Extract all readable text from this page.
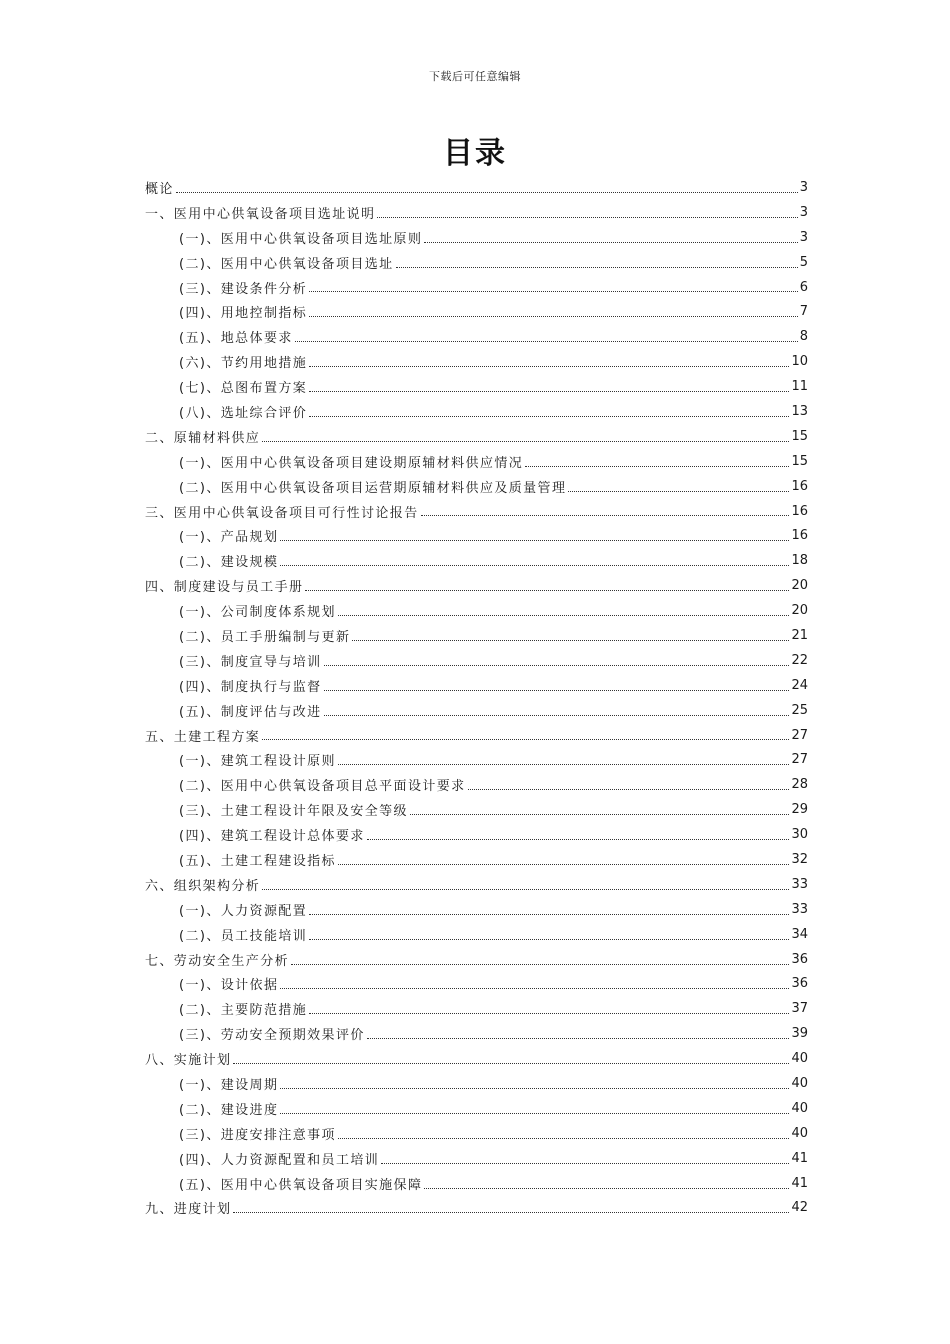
下载后可任意编辑
目录
概论	3
一、医用中心供氧设备项目选址说明	3
(一)、医用中心供氧设备项目选址原则	3
(二)、医用中心供氧设备项目选址	5
(三)、建设条件分析	6
(四)、用地控制指标	7
(五)、地总体要求	8
(六)、节约用地措施	10
(七)、总图布置方案	11
(八)、选址综合评价	13
二、原辅材料供应	15
(一)、医用中心供氧设备项目建设期原辅材料供应情况	15
(二)、医用中心供氧设备项目运营期原辅材料供应及质量管理	16
三、医用中心供氧设备项目可行性讨论报告	16
(一)、产品规划	16
(二)、建设规模	18
四、制度建设与员工手册	20
(一)、公司制度体系规划	20
(二)、员工手册编制与更新	21
(三)、制度宣导与培训	22
(四)、制度执行与监督	24
(五)、制度评估与改进	25
五、土建工程方案	27
(一)、建筑工程设计原则	27
(二)、医用中心供氧设备项目总平面设计要求	28
(三)、土建工程设计年限及安全等级	29
(四)、建筑工程设计总体要求	30
(五)、土建工程建设指标	32
六、组织架构分析	33
(一)、人力资源配置	33
(二)、员工技能培训	34
七、劳动安全生产分析	36
(一)、设计依据	36
(二)、主要防范措施	37
(三)、劳动安全预期效果评价	39
八、实施计划	40
(一)、建设周期	40
(二)、建设进度	40
(三)、进度安排注意事项	40
(四)、人力资源配置和员工培训	41
(五)、医用中心供氧设备项目实施保障	41
九、进度计划	42
